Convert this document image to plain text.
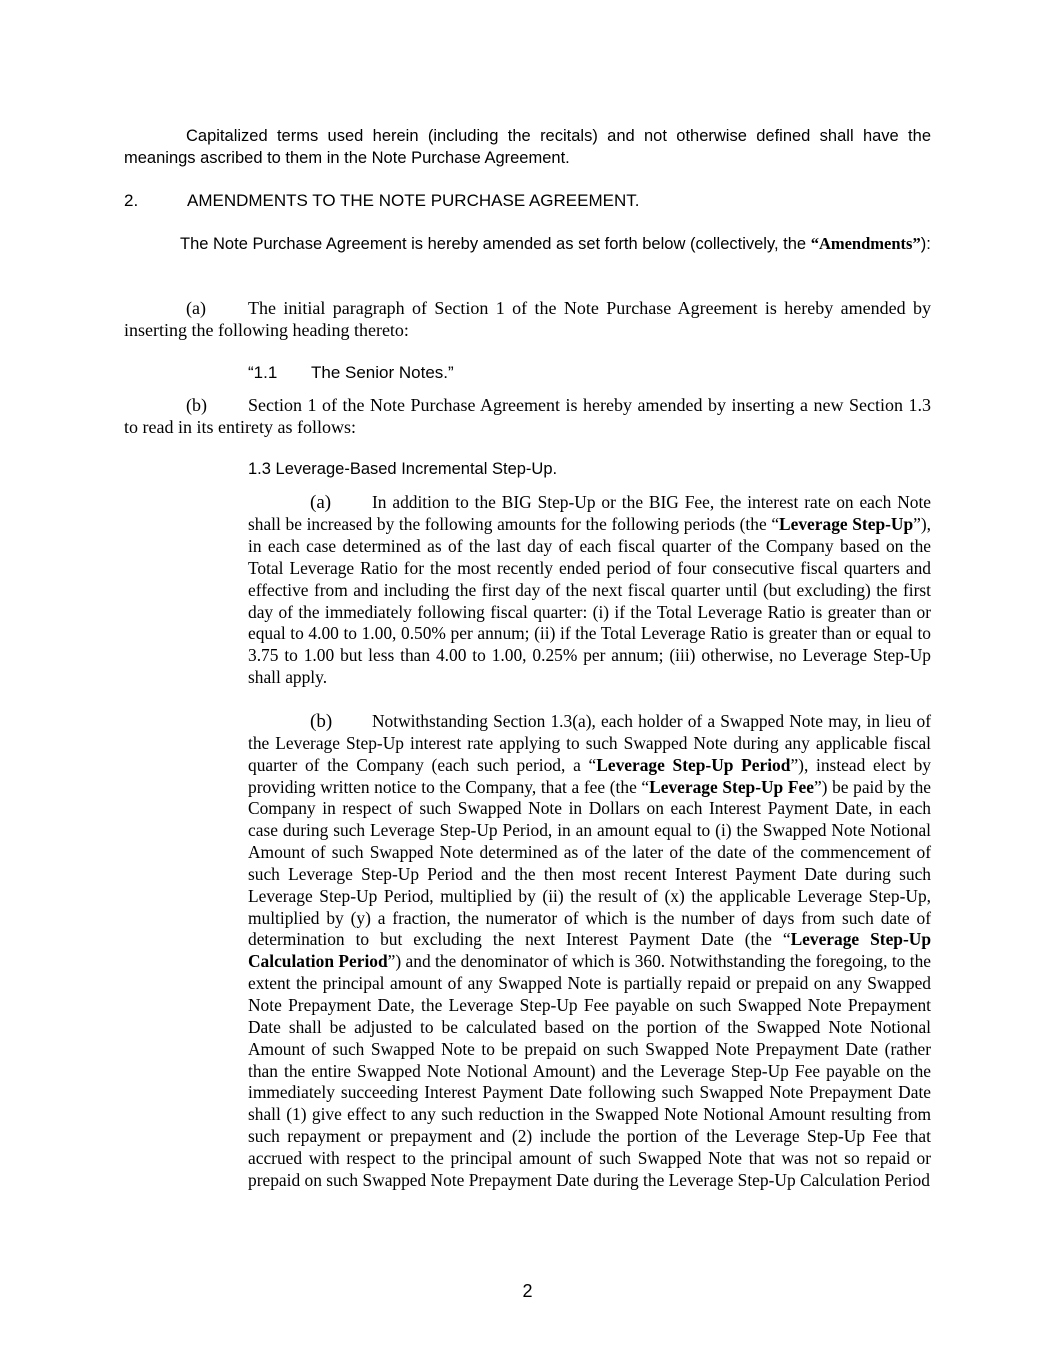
Capitalized terms used herein (including the recitals) and not otherwise defined shall have the meanings ascribed to them in the Note Purchase Agreement.

2.	AMENDMENTS TO THE NOTE PURCHASE AGREEMENT.

The Note Purchase Agreement is hereby amended as set forth below (collectively, the “Amendments”):

(a) The initial paragraph of Section 1 of the Note Purchase Agreement is hereby amended by inserting the following heading thereto:

“1.1 The Senior Notes.”

(b) Section 1 of the Note Purchase Agreement is hereby amended by inserting a new Section 1.3 to read in its entirety as follows:

1.3 Leverage-Based Incremental Step-Up.

(a) In addition to the BIG Step-Up or the BIG Fee, the interest rate on each Note shall be increased by the following amounts for the following periods (the “Leverage Step-Up”), in each case determined as of the last day of each fiscal quarter of the Company based on the Total Leverage Ratio for the most recently ended period of four consecutive fiscal quarters and effective from and including the first day of the next fiscal quarter until (but excluding) the first day of the immediately following fiscal quarter: (i) if the Total Leverage Ratio is greater than or equal to 4.00 to 1.00, 0.50% per annum; (ii) if the Total Leverage Ratio is greater than or equal to 3.75 to 1.00 but less than 4.00 to 1.00, 0.25% per annum; (iii) otherwise, no Leverage Step-Up shall apply.

(b) Notwithstanding Section 1.3(a), each holder of a Swapped Note may, in lieu of the Leverage Step-Up interest rate applying to such Swapped Note during any applicable fiscal quarter of the Company (each such period, a “Leverage Step-Up Period”), instead elect by providing written notice to the Company, that a fee (the “Leverage Step-Up Fee”) be paid by the Company in respect of such Swapped Note in Dollars on each Interest Payment Date, in each case during such Leverage Step-Up Period, in an amount equal to (i) the Swapped Note Notional Amount of such Swapped Note determined as of the later of the date of the commencement of such Leverage Step-Up Period and the then most recent Interest Payment Date during such Leverage Step-Up Period, multiplied by (ii) the result of (x) the applicable Leverage Step-Up, multiplied by (y) a fraction, the numerator of which is the number of days from such date of determination to but excluding the next Interest Payment Date (the “Leverage Step-Up Calculation Period”) and the denominator of which is 360. Notwithstanding the foregoing, to the extent the principal amount of any Swapped Note is partially repaid or prepaid on any Swapped Note Prepayment Date, the Leverage Step-Up Fee payable on such Swapped Note Prepayment Date shall be adjusted to be calculated based on the portion of the Swapped Note Notional Amount of such Swapped Note to be prepaid on such Swapped Note Prepayment Date (rather than the entire Swapped Note Notional Amount) and the Leverage Step-Up Fee payable on the immediately succeeding Interest Payment Date following such Swapped Note Prepayment Date shall (1) give effect to any such reduction in the Swapped Note Notional Amount resulting from such repayment or prepayment and (2) include the portion of the Leverage Step-Up Fee that accrued with respect to the principal amount of such Swapped Note that was not so repaid or prepaid on such Swapped Note Prepayment Date during the Leverage Step-Up Calculation Period

2
